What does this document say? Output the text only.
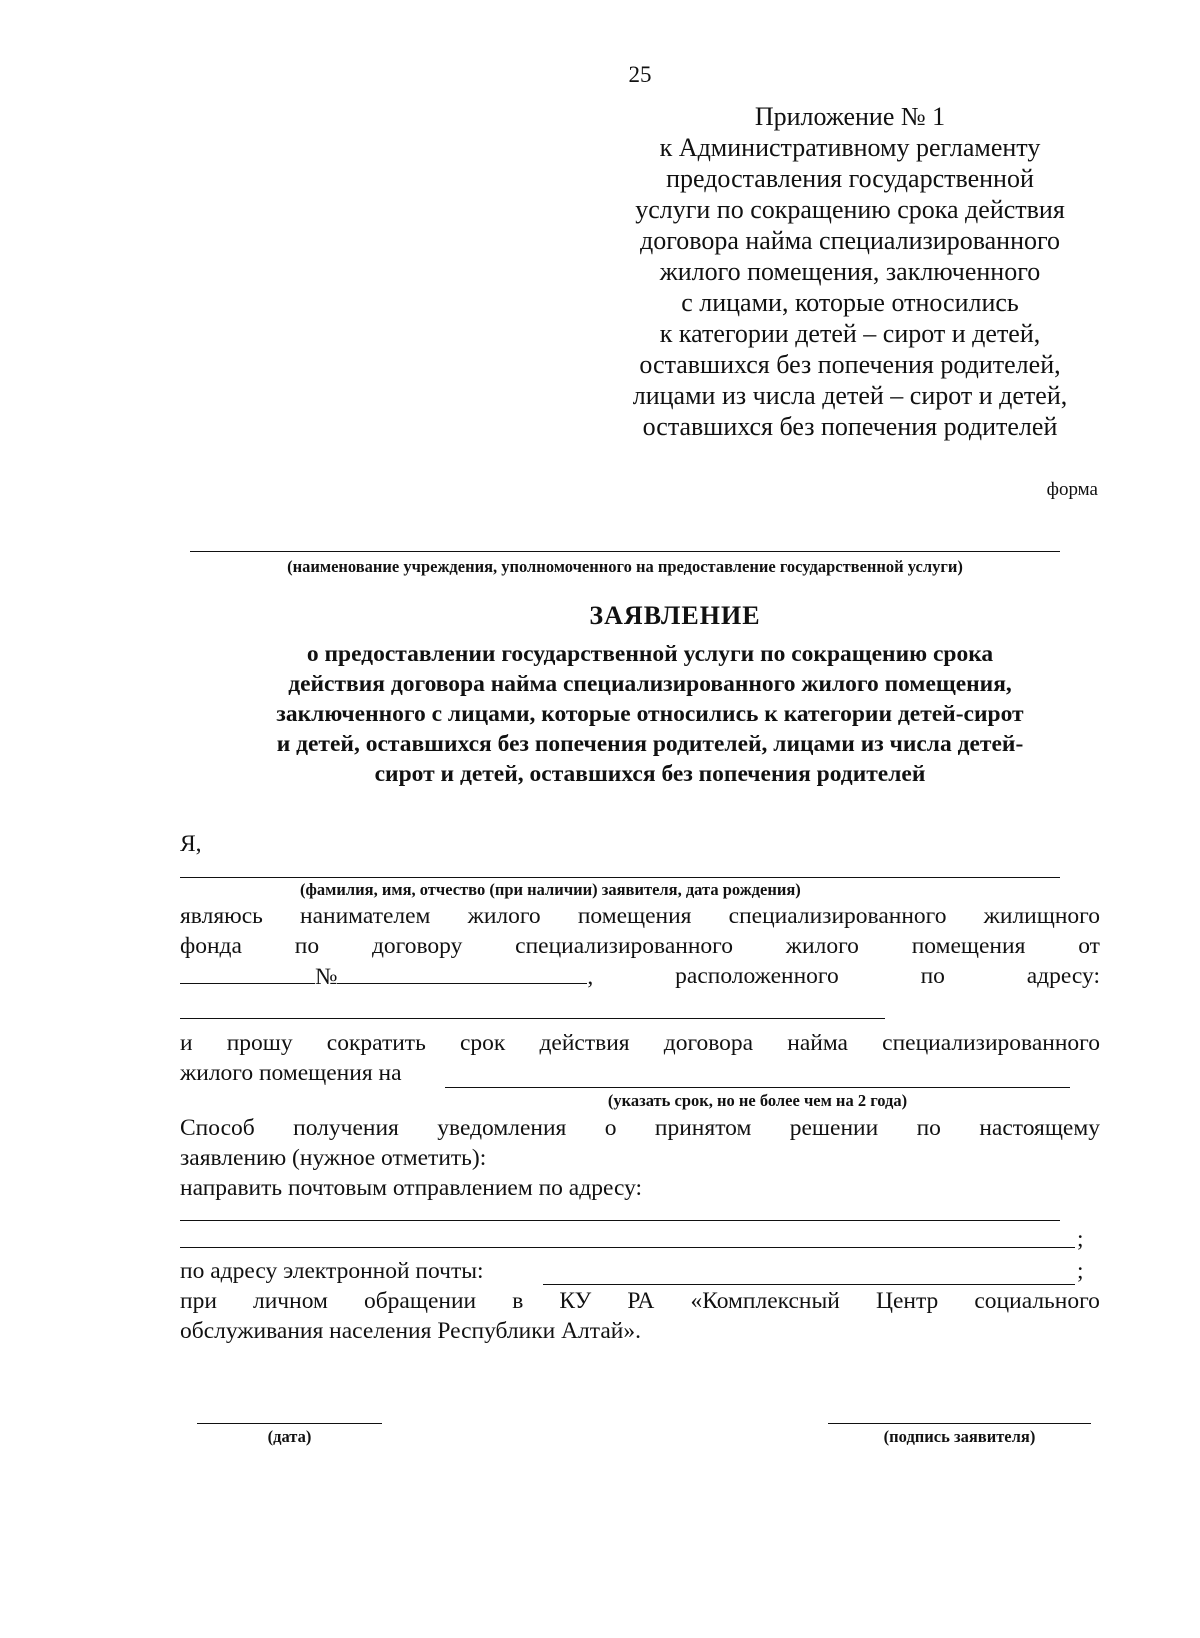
25
Приложение № 1
к Административному регламенту
предоставления государственной
услуги по сокращению срока действия
договора найма специализированного
жилого помещения, заключенного
с лицами, которые относились
к категории детей – сирот и детей,
оставшихся без попечения родителей,
лицами из числа детей – сирот и детей,
оставшихся без попечения родителей
форма
(наименование учреждения, уполномоченного на предоставление государственной услуги)
ЗАЯВЛЕНИЕ
о предоставлении государственной услуги по сокращению срока
действия договора найма специализированного жилого помещения,
заключенного с лицами, которые относились к категории детей-сирот
и детей, оставшихся без попечения родителей, лицами из числа детей-
сирот и детей, оставшихся без попечения родителей
Я,
(фамилия, имя, отчество (при наличии) заявителя, дата рождения)
являюсь нанимателем жилого помещения специализированного жилищного
фонда по договору специализированного жилого помещения от
№	,	расположенного	по	адресу:
и прошу сократить срок действия договора найма специализированного
жилого помещения на
(указать срок, но не более чем на 2 года)
Способ получения уведомления о принятом решении по настоящему
заявлению (нужное отметить):
направить почтовым отправлением по адресу:
;
по адресу электронной почты:	;
при личном обращении в КУ РА «Комплексный Центр социального
обслуживания населения Республики Алтай».
(дата)	(подпись заявителя)
